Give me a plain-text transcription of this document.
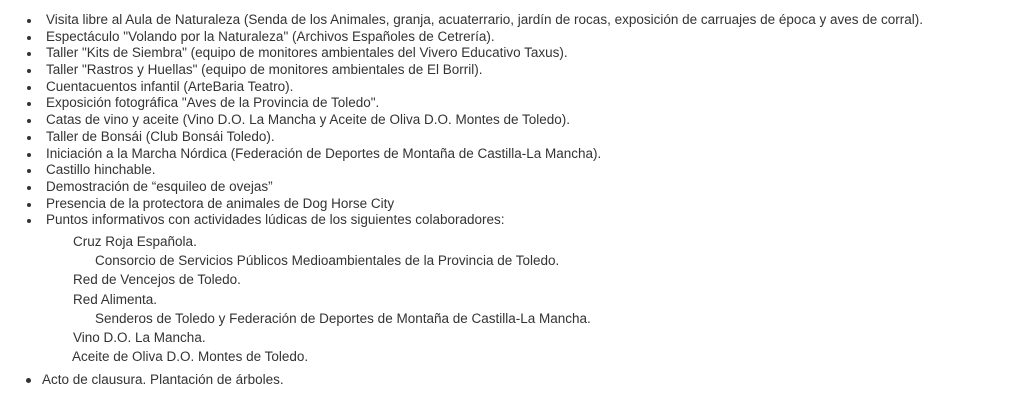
Visita libre al Aula de Naturaleza (Senda de los Animales, granja, acuaterrario, jardín de rocas, exposición de carruajes de época y aves de corral).
Espectáculo "Volando por la Naturaleza" (Archivos Españoles de Cetrería).
Taller "Kits de Siembra" (equipo de monitores ambientales del Vivero Educativo Taxus).
Taller "Rastros y Huellas" (equipo de monitores ambientales de El Borril).
Cuentacuentos infantil (ArteBaria Teatro).
Exposición fotográfica "Aves de la Provincia de Toledo".
Catas de vino y aceite (Vino D.O. La Mancha y Aceite de Oliva D.O. Montes de Toledo).
Taller de Bonsái (Club Bonsái Toledo).
Iniciación a la Marcha Nórdica (Federación de Deportes de Montaña de Castilla-La Mancha).
Castillo hinchable.
Demostración de “esquileo de ovejas”
Presencia de la protectora de animales de Dog Horse City
Puntos informativos con actividades lúdicas de los siguientes colaboradores:
Cruz Roja Española.
Consorcio de Servicios Públicos Medioambientales de la Provincia de Toledo.
Red de Vencejos de Toledo.
Red Alimenta.
Senderos de Toledo y Federación de Deportes de Montaña de Castilla-La Mancha.
Vino D.O. La Mancha.
Aceite de Oliva D.O. Montes de Toledo.
Acto de clausura. Plantación de árboles.
